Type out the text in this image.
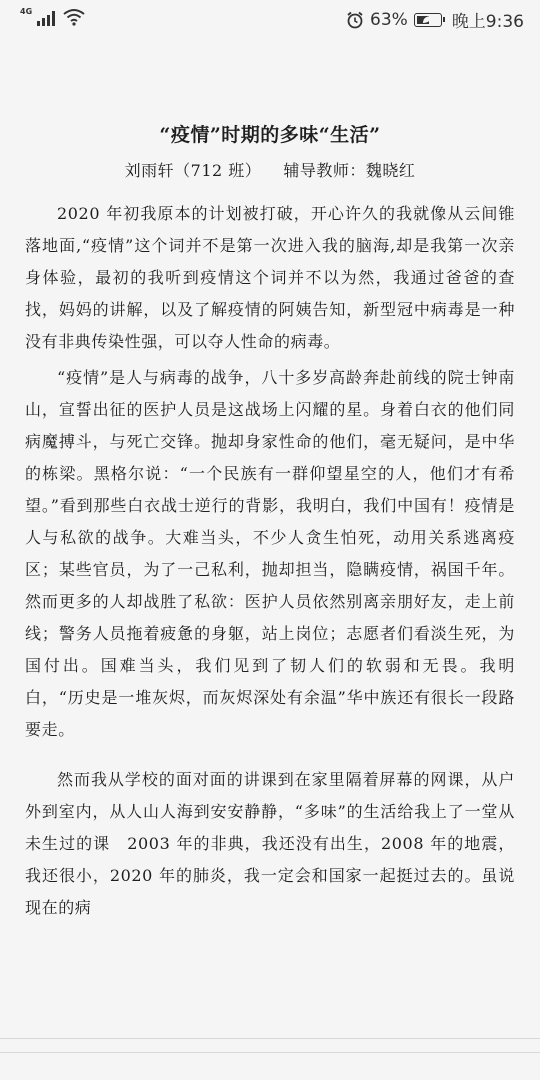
4G	63%	晚上9:36
“疫情”时期的多味“生活”
刘雨轩（712 班） 辅导教师：魏晓红

2020 年初我原本的计划被打破，开心许久的我就像从云间锥落地面,“疫情”这个词并不是第一次进入我的脑海,却是我第一次亲身体验，最初的我听到疫情这个词并不以为然，我通过爸爸的查找，妈妈的讲解，以及了解疫情的阿姨告知，新型冠中病毒是一种没有非典传染性强，可以夺人性命的病毒。

“疫情”是人与病毒的战争，八十多岁高龄奔赴前线的院士钟南山，宣誓出征的医护人员是这战场上闪耀的星。身着白衣的他们同病魔搏斗，与死亡交锋。抛却身家性命的他们，毫无疑问，是中华的栋梁。黑格尔说：“一个民族有一群仰望星空的人，他们才有希望。”看到那些白衣战士逆行的背影，我明白，我们中国有！疫情是人与私欲的战争。大难当头，不少人贪生怕死，动用关系逃离疫区；某些官员，为了一己私利，抛却担当，隐瞒疫情，祸国千年。然而更多的人却战胜了私欲：医护人员依然别离亲朋好友，走上前线；警务人员拖着疲惫的身躯，站上岗位；志愿者们看淡生死，为国付出。国难当头，我们见到了韧人们的软弱和无畏。我明白，“历史是一堆灰烬，而灰烬深处有余温”华中族还有很长一段路要走。

然而我从学校的面对面的讲课到在家里隔着屏幕的网课，从户外到室内，从人山人海到安安静静，“多味”的生活给我上了一堂从未生过的课　2003 年的非典，我还没有出生，2008 年的地震，我还很小，2020 年的肺炎，我一定会和国家一起挺过去的。虽说现在的病
